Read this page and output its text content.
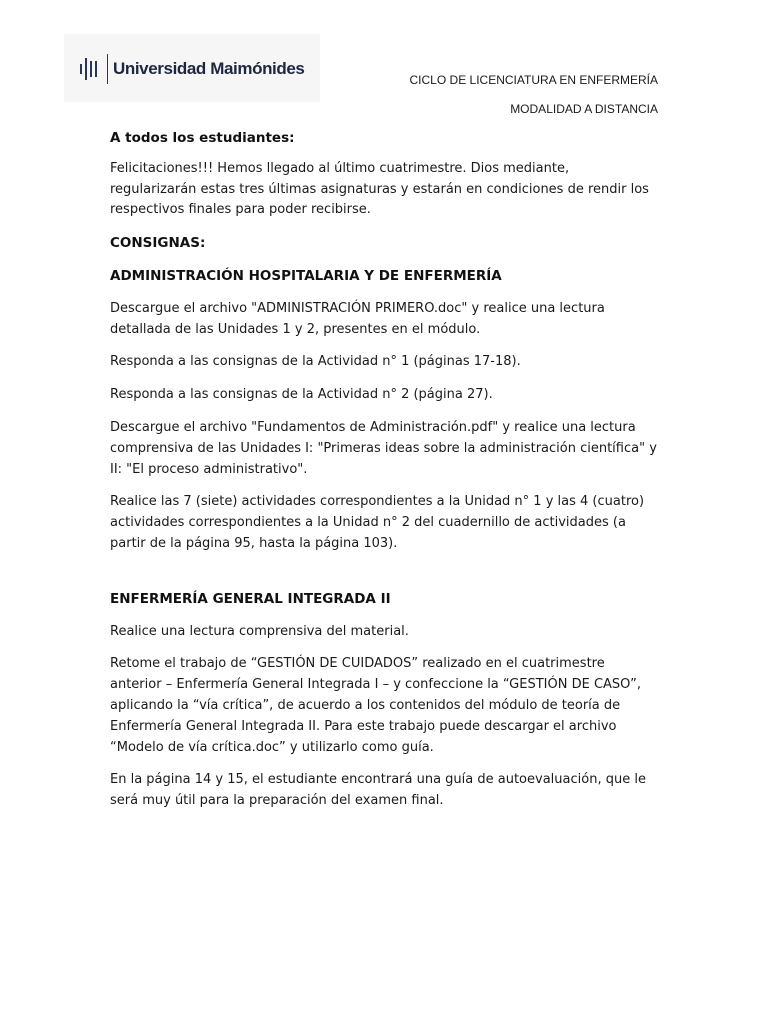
Universidad Maimónides
CICLO DE LICENCIATURA EN ENFERMERÍA
MODALIDAD A DISTANCIA

A todos los estudiantes:

Felicitaciones!!! Hemos llegado al último cuatrimestre. Dios mediante, regularizarán estas tres últimas asignaturas y estarán en condiciones de rendir los respectivos finales para poder recibirse.

CONSIGNAS:

ADMINISTRACIÓN HOSPITALARIA Y DE ENFERMERÍA

Descargue el archivo "ADMINISTRACIÓN PRIMERO.doc" y realice una lectura detallada de las Unidades 1 y 2, presentes en el módulo.

Responda a las consignas de la Actividad n° 1 (páginas 17-18).

Responda a las consignas de la Actividad n° 2 (página 27).

Descargue el archivo "Fundamentos de Administración.pdf" y realice una lectura comprensiva de las Unidades I: "Primeras ideas sobre la administración científica" y II: "El proceso administrativo".

Realice las 7 (siete) actividades correspondientes a la Unidad n° 1 y las 4 (cuatro) actividades correspondientes a la Unidad n° 2 del cuadernillo de actividades (a partir de la página 95, hasta la página 103).

ENFERMERÍA GENERAL INTEGRADA II

Realice una lectura comprensiva del material.

Retome el trabajo de “GESTIÓN DE CUIDADOS” realizado en el cuatrimestre anterior – Enfermería General Integrada I – y confeccione la “GESTIÓN DE CASO”, aplicando la “vía crítica”, de acuerdo a los contenidos del módulo de teoría de Enfermería General Integrada II. Para este trabajo puede descargar el archivo “Modelo de vía crítica.doc” y utilizarlo como guía.

En la página 14 y 15, el estudiante encontrará una guía de autoevaluación, que le será muy útil para la preparación del examen final.
